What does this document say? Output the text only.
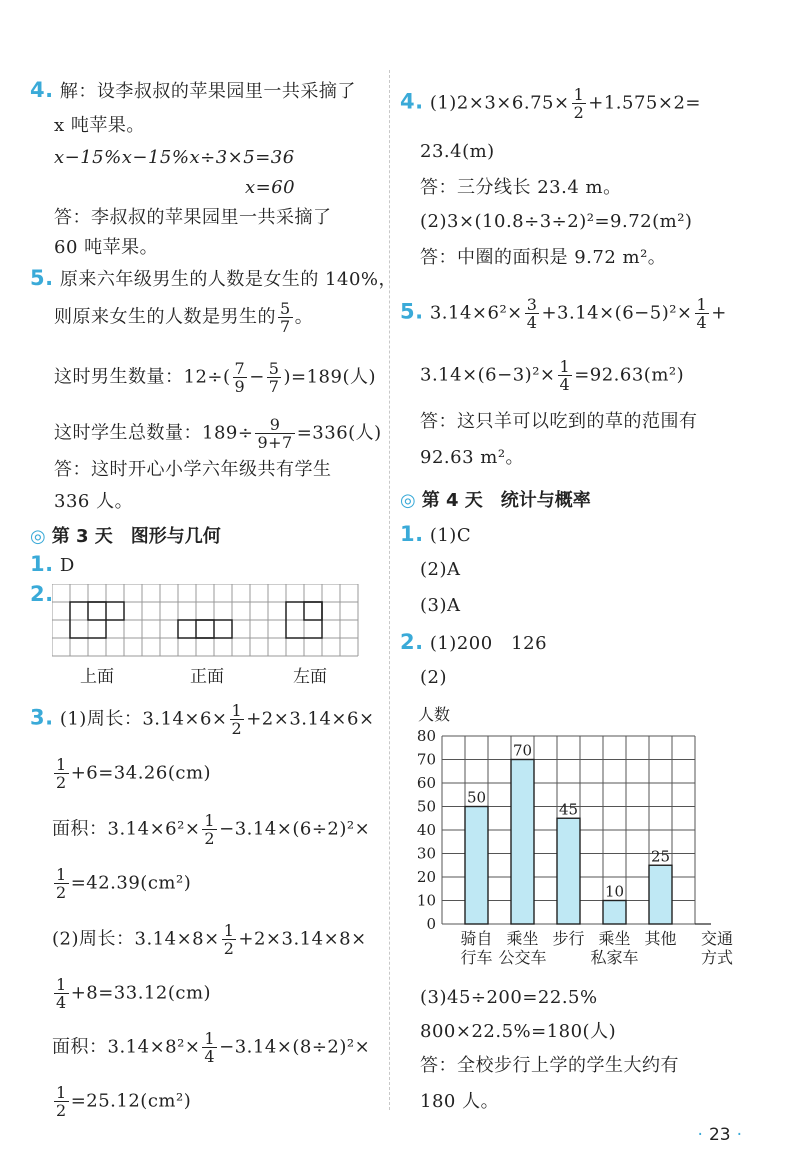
4. 解：设李叔叔的苹果园里一共采摘了
x 吨苹果。
x−15%x−15%x÷3×5=36
x=60
答：李叔叔的苹果园里一共采摘了
60 吨苹果。
5. 原来六年级男生的人数是女生的 140%，
则原来女生的人数是男生的 $\frac{5}{7}$ 。
这时男生数量：$12\div( \frac{7}{9} - \frac{5}{7} )=189$(人)
这时学生总数量：$189\div \frac{9}{9+7} =336$(人)
答：这时开心小学六年级共有学生
336 人。
◎ 第 3 天　图形与几何
1. D
2.
上面	正面	左面
3. (1)周长：$3.14\times 6\times \frac{1}{2} +2\times 3.14\times 6\times$
$\frac{1}{2} +6=34.26(cm)$
面积：$3.14\times 6^2\times \frac{1}{2} -3.14\times(6\div 2)^2\times$
$\frac{1}{2} =42.39(cm^2)$
(2)周长：$3.14\times 8\times \frac{1}{2} +2\times 3.14\times 8\times$
$\frac{1}{4} +8=33.12(cm)$
面积：$3.14\times 8^2\times \frac{1}{4} -3.14\times(8\div 2)^2\times$
$\frac{1}{2} =25.12(cm^2)$
4. $(1)2\times 3\times 6.75\times \frac{1}{2} +1.575\times 2=$
23.4(m)
答：三分线长 23.4 m。
(2)3×(10.8÷3÷2)²=9.72(m²)
答：中圈的面积是 9.72 m²。
5. $3.14\times 6^2\times \frac{3}{4} +3.14\times(6-5)^2\times \frac{1}{4}$ +
$3.14\times(6-3)^2\times \frac{1}{4} =92.63(m^2)$
答：这只羊可以吃到的草的范围有
92.63 m²。
◎ 第 4 天　统计与概率
1. (1)C
(2)A
(3)A
2. (1)200　126
(2)
人数
0
10
20
30
40
50
60
70
80
50
骑自
行车
70
乘坐
公交车
45
步行
10
乘坐
私家车
25
其他 交通
方式
(3)45÷200=22.5%
800×22.5%=180(人)
答：全校步行上学的学生大约有
180 人。
· 23 ·
